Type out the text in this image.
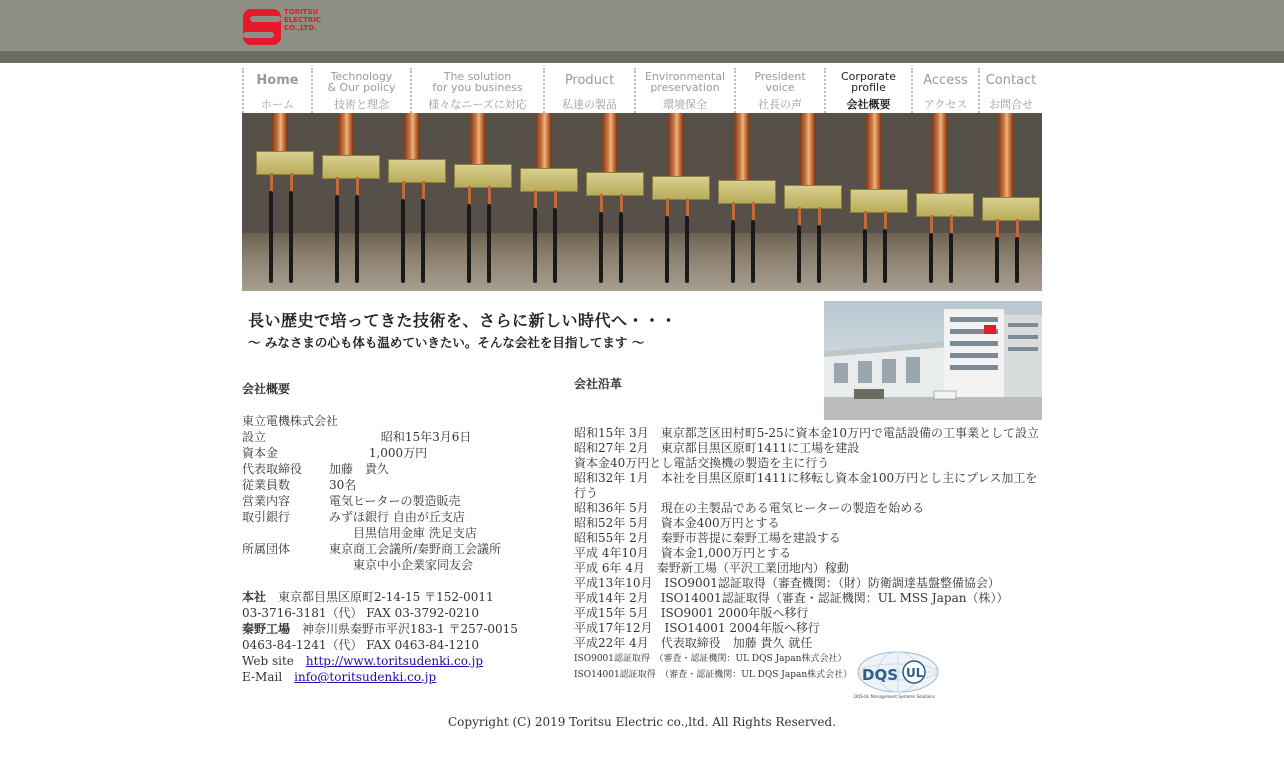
TORITSU
ELECTRIC
CO.,LTD.
Home
ホーム
Technology
& Our policy
技術と理念
The solution
for you business
様々なニーズに対応
Product
私達の製品
Environmental
preservation
環境保全
President
voice
社長の声
Corporate
profile
会社概要
Access
アクセス
Contact
お問合せ
長い歴史で培ってきた技術を、さらに新しい時代へ・・・
〜 みなさまの心も体も温めていきたい。そんな会社を目指してます 〜
会社概要
東立電機株式会社
設立	　　　　 昭和15年3月6日
資本金	　　　 1,000万円
代表取締役	加藤　貴久
従業員数	30名
営業内容	電気ヒーターの製造販売
取引銀行	みずほ銀行 自由が丘支店
目黒信用金庫 洗足支店
所属団体	東京商工会議所/秦野商工会議所
東京中小企業家同友会
本社　 東京都目黒区原町2-14-15 〒152-0011
03-3716-3181（代） FAX 03-3792-0210
秦野工場　 神奈川県秦野市平沢183-1 〒257-0015
0463-84-1241（代） FAX 0463-84-1210
Web site　 http://www.toritsudenki.co.jp
E-Mail　 info@toritsudenki.co.jp
会社沿革
昭和15年 3月　東京都芝区田村町5-25に資本金10万円で電話設備の工事業として設立
昭和27年 2月　東京都目黒区原町1411に工場を建設
資本金40万円とし電話交換機の製造を主に行う
昭和32年 1月　本社を目黒区原町1411に移転し資本金100万円とし主にプレス加工を行う
昭和36年 5月　現在の主製品である電気ヒーターの製造を始める
昭和52年 5月　資本金400万円とする
昭和55年 2月　秦野市菩提に秦野工場を建設する
平成 4年10月　資本金1,000万円とする
平成 6年 4月　秦野新工場（平沢工業団地内）稼動
平成13年10月　ISO9001認証取得（審査機関：（財）防衛調達基盤整備協会）
平成14年 2月　ISO14001認証取得（審査・認証機関：UL MSS Japan（株））
平成15年 5月　ISO9001 2000年版へ移行
平成17年12月　ISO14001 2004年版へ移行
平成22年 4月　代表取締役　加藤 貴久 就任
ISO9001認証取得　（審査・認証機関：UL DQS Japan株式会社）
ISO14001認証取得　（審査・認証機関：UL DQS Japan株式会社） DQS UL
DQS-UL Management Systems Solutions
Copyright (C) 2019 Toritsu Electric co.,ltd. All Rights Reserved.
